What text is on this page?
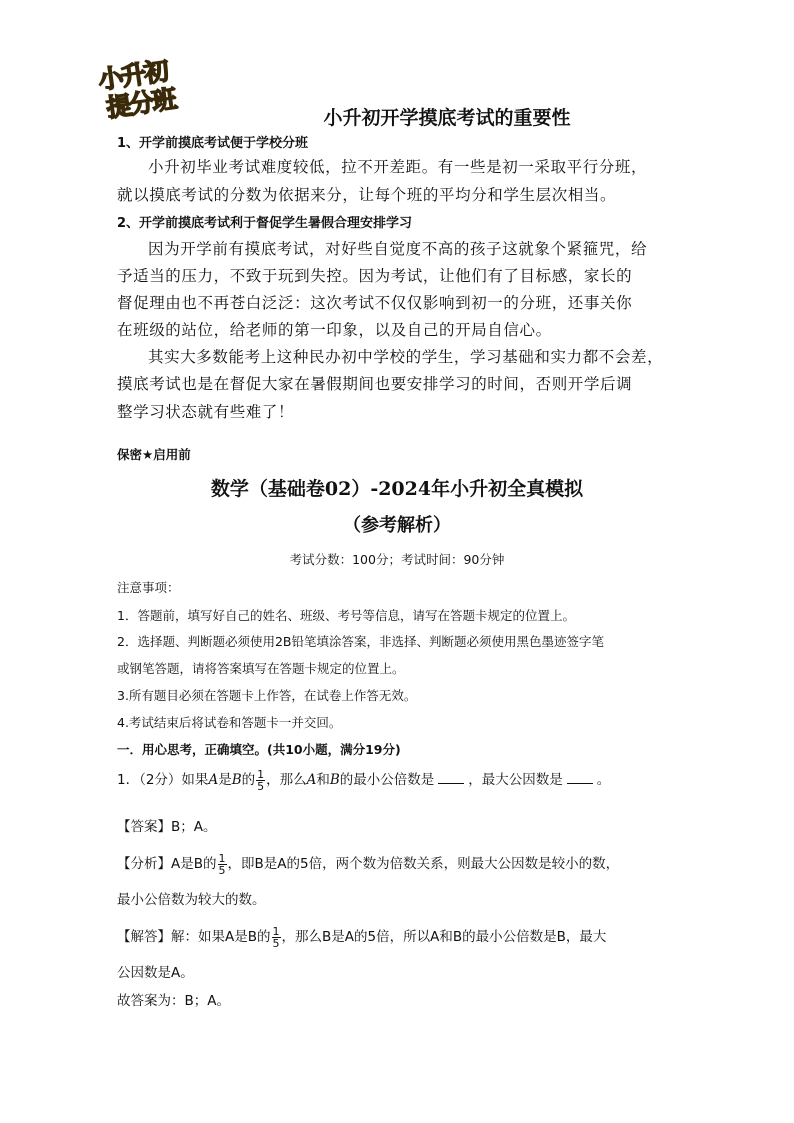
小升初
提分班	小升初开学摸底考试的重要性
1、开学前摸底考试便于学校分班
小升初毕业考试难度较低，拉不开差距。有一些是初一采取平行分班，
就以摸底考试的分数为依据来分，让每个班的平均分和学生层次相当。
2、开学前摸底考试利于督促学生暑假合理安排学习
因为开学前有摸底考试，对好些自觉度不高的孩子这就象个紧箍咒，给
予适当的压力，不致于玩到失控。因为考试，让他们有了目标感，家长的
督促理由也不再苍白泛泛：这次考试不仅仅影响到初一的分班，还事关你
在班级的站位，给老师的第一印象，以及自己的开局自信心。
其实大多数能考上这种民办初中学校的学生，学习基础和实力都不会差，
摸底考试也是在督促大家在暑假期间也要安排学习的时间，否则开学后调
整学习状态就有些难了！
保密★启用前
数学（基础卷02）-2024年小升初全真模拟
（参考解析）
考试分数：100分；考试时间：90分钟
注意事项：
1．答题前，填写好自己的姓名、班级、考号等信息，请写在答题卡规定的位置上。
2．选择题、判断题必须使用2B铅笔填涂答案，非选择、判断题必须使用黑色墨迹签字笔
或钢笔答题，请将答案填写在答题卡规定的位置上。
3.所有题目必须在答题卡上作答，在试卷上作答无效。
4.考试结束后将试卷和答题卡一并交回。
一．用心思考，正确填空。(共10小题，满分19分)
1．（2分）如果A是B的 $\frac{1}{5}$ ，那么A和B的最小公倍数是	，最大公因数是	。
【答案】B；A。
【分析】A是B的 $\frac{1}{5}$ ，即B是A的5倍，两个数为倍数关系，则最大公因数是较小的数，
最小公倍数为较大的数。
【解答】解：如果A是B的 $\frac{1}{5}$ ，那么B是A的5倍，所以A和B的最小公倍数是B，最大
公因数是A。
故答案为：B；A。
